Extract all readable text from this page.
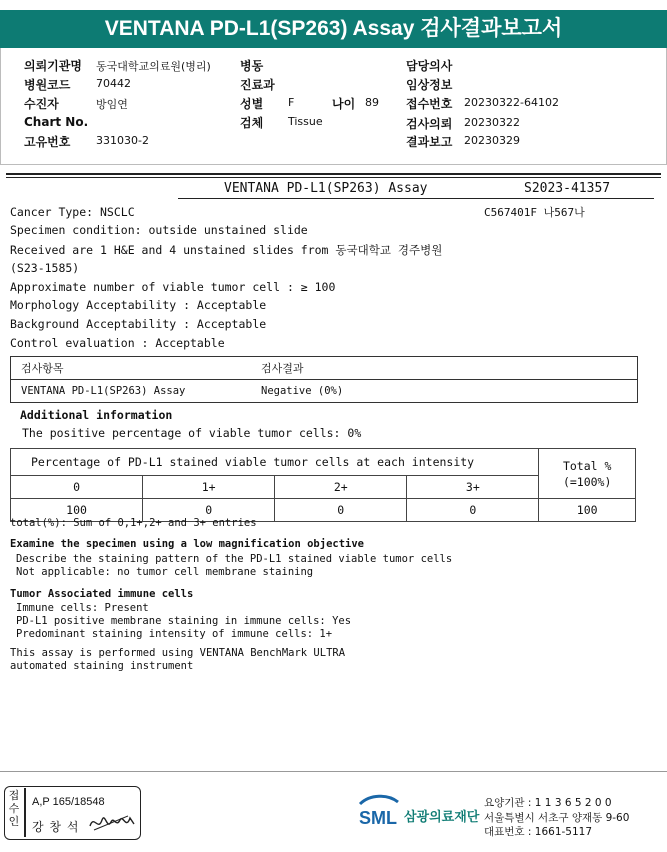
VENTANA PD-L1(SP263) Assay 검사결과보고서
의뢰기관명 동국대학교의료원(병리)
병원코드 70442
수진자	방임연
Chart No.
고유번호 331030-2
병동
진료과
성별 F	나이 89
검체 Tissue
담당의사
임상정보
접수번호 20230322-64102
검사의뢰 20230322
결과보고 20230329
VENTANA PD-L1(SP263) Assay	S2023-41357
C567401F 나567나
Cancer Type: NSCLC
Specimen condition: outside unstained slide
Received are 1 H&E and 4 unstained slides from 동국대학교 경주병원
(S23-1585)
Approximate number of viable tumor cell : ≥ 100
Morphology Acceptability : Acceptable
Background Acceptability : Acceptable
Control evaluation : Acceptable
검사항목	검사결과
VENTANA PD-L1(SP263) Assay	Negative (0%)
Additional information
The positive percentage of viable tumor cells: 0%
Percentage of PD-L1 stained viable tumor cells at each intensity				Total %
(=100%)

0	1+	2+	3+	
100	0	0	0	100
total(%): Sum of 0,1+,2+ and 3+ entries
Examine the specimen using a low magnification objective
Describe the staining pattern of the PD-L1 stained viable tumor cells
Not applicable: no tumor cell membrane staining
Tumor Associated immune cells
Immune cells: Present
PD-L1 positive membrane staining in immune cells: Yes
Predominant staining intensity of immune cells: 1+
This assay is performed using VENTANA BenchMark ULTRA
automated staining instrument
접수인
A,P 165/18548
강 창 석	SML 삼광의료재단
요양기관 : 1 1 3 6 5 2 0 0
서울특별시 서초구 양재동 9-60
대표번호 : 1661-5117
